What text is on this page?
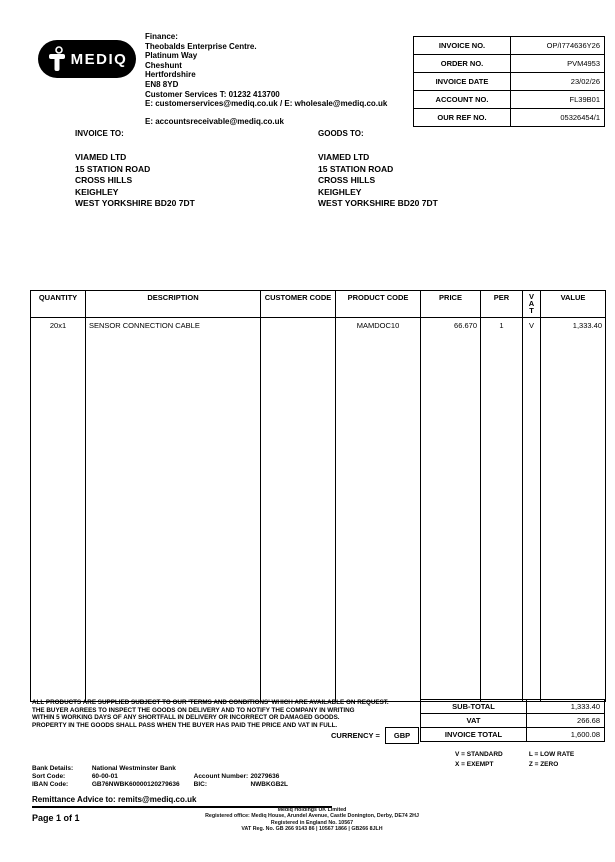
MEDIQ
Finance:
Theobalds Enterprise Centre.
Platinum Way
Cheshunt
Hertfordshire
EN8 8YD
Customer Services T: 01232 413700
E: customerservices@mediq.co.uk / E: wholesale@mediq.co.uk
E: accountsreceivable@mediq.co.uk
INVOICE NO.	OP/I774636Y26
ORDER NO.	PVM4953
INVOICE DATE	23/02/26
ACCOUNT NO.	FL39B01
OUR REF NO.	05326454/1
INVOICE TO:	GOODS TO:
VIAMED LTD
15 STATION ROAD
CROSS HILLS
KEIGHLEY
WEST YORKSHIRE BD20 7DT
VIAMED LTD
15 STATION ROAD
CROSS HILLS
KEIGHLEY
WEST YORKSHIRE BD20 7DT
QUANTITY	DESCRIPTION	CUSTOMER CODE	PRODUCT CODE	PRICE	PER	VAT	VALUE
20x1	SENSOR CONNECTION CABLE		MAMDOC10	66.670	1	V	1,333.40

ALL PRODUCTS ARE SUPPLIED SUBJECT TO OUR 'TERMS AND CONDITIONS' WHICH ARE AVAILABLE ON REQUEST.
THE BUYER AGREES TO INSPECT THE GOODS ON DELIVERY AND TO NOTIFY THE COMPANY IN WRITING
WITHIN 5 WORKING DAYS OF ANY SHORTFALL IN DELIVERY OR INCORRECT OR DAMAGED GOODS.
PROPERTY IN THE GOODS SHALL PASS WHEN THE BUYER HAS PAID THE PRICE AND VAT IN FULL.
SUB-TOTAL	1,333.40
VAT	266.68
INVOICE TOTAL	1,600.08
CURRENCY =	GBP
V = STANDARD	L = LOW RATE
X = EXEMPT	Z = ZERO
Bank Details:	National Westminster Bank
Sort Code:	60-00-01	Account Number: 20279636
IBAN Code:	GB76NWBK60000120279636 BIC:	NWBKGB2L
Remittance Advice to: remits@mediq.co.uk
Page 1 of 1
Mediq Holdings UK Limited
Registered office: Mediq House, Arundel Avenue, Castle Donington, Derby, DE74 2HJ
Registered in England No. 10567
VAT Reg. No. GB 266 9143 86 | 10567 1866 | GB266 8JLH
